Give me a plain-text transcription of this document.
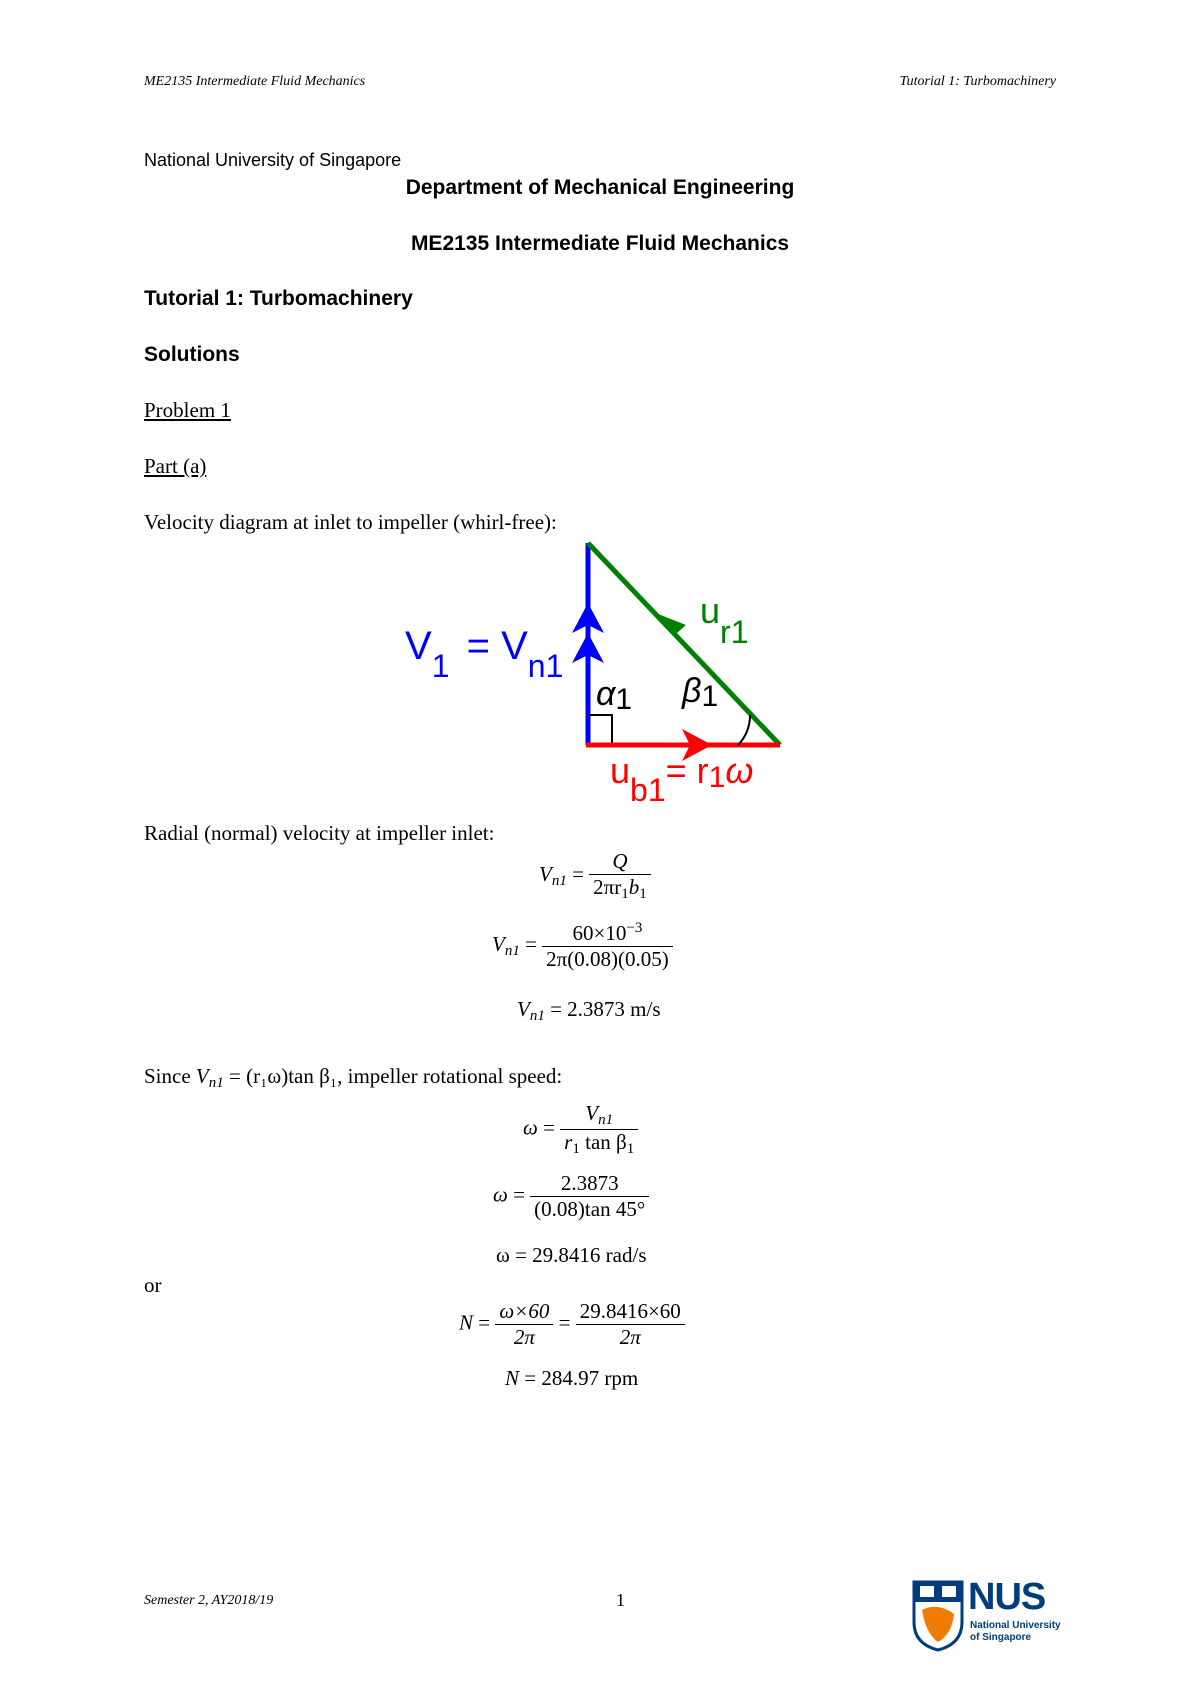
ME2135 Intermediate Fluid Mechanics	Tutorial 1: Turbomachinery
National University of Singapore
Department of Mechanical Engineering
ME2135 Intermediate Fluid Mechanics
Tutorial 1: Turbomachinery
Solutions
Problem 1
Part (a)
Velocity diagram at inlet to impeller (whirl-free):
$V_1 = V_{n1}$
$u_{r1}$
$\alpha_1$ $\beta_1$
$u_{b1}= r_1\omega$
Radial (normal) velocity at impeller inlet:
$V_{n1} = \frac{Q}{2\pi r_1b_1}$
$V_{n1} = \frac{60\times 10^{-3}}{2\pi(0.08)(0.05)}$
$V_{n1} = 2.3873$ m/s
Since $V_{n1} = (r_1\omega)\tan$ β₁, impeller rotational speed:
$\omega = \frac{V_{n1}}{r_1 \tan \beta_1}$
$\omega = \frac{2.3873}{(0.08)\tan 45^\circ}$
ω = 29.8416 rad/s
or
$N = \frac{\omega\times 60}{2\pi} = \frac{29.8416\times 60}{2\pi}$
N = 284.97 rpm
Semester 2, AY2018/19	1	NUS
National University
of Singapore
